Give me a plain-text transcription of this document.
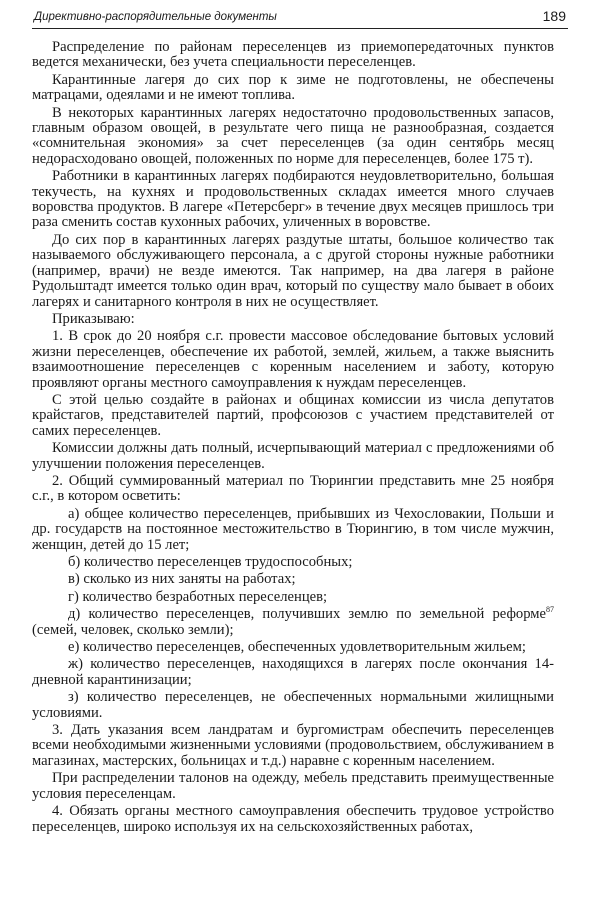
Директивно-распорядительные документы	189

Распределение по районам переселенцев из приемопередаточных пунктов ведется механически, без учета специальности переселенцев.

Карантинные лагеря до сих пор к зиме не подготовлены, не обеспечены матрацами, одеялами и не имеют топлива.

В некоторых карантинных лагерях недостаточно продовольственных запасов, главным образом овощей, в результате чего пища не разнообразная, создается «сомнительная экономия» за счет переселенцев (за один сентябрь месяц недорасходовано овощей, положенных по норме для переселенцев, более 175 т).

Работники в карантинных лагерях подбираются неудовлетворительно, большая текучесть, на кухнях и продовольственных складах имеется много случаев воровства продуктов. В лагере «Петерсберг» в течение двух месяцев пришлось три раза сменить состав кухонных рабочих, уличенных в воровстве.

До сих пор в карантинных лагерях раздутые штаты, большое количество так называемого обслуживающего персонала, а с другой стороны нужные работники (например, врачи) не везде имеются. Так например, на два лагеря в районе Рудольштадт имеется только один врач, который по существу мало бывает в обоих лагерях и санитарного контроля в них не осуществляет.

Приказываю:

1. В срок до 20 ноября с.г. провести массовое обследование бытовых условий жизни переселенцев, обеспечение их работой, землей, жильем, а также выяснить взаимоотношение переселенцев с коренным населением и заботу, которую проявляют органы местного самоуправления к нуждам переселенцев.

С этой целью создайте в районах и общинах комиссии из числа депутатов крайстагов, представителей партий, профсоюзов с участием представителей от самих переселенцев.

Комиссии должны дать полный, исчерпывающий материал с предложениями об улучшении положения переселенцев.

2. Общий суммированный материал по Тюрингии представить мне 25 ноября с.г., в котором осветить:

а) общее количество переселенцев, прибывших из Чехословакии, Польши и др. государств на постоянное местожительство в Тюрингию, в том числе мужчин, женщин, детей до 15 лет;

б) количество переселенцев трудоспособных;

в) сколько из них заняты на работах;

г) количество безработных переселенцев;

д) количество переселенцев, получивших землю по земельной реформе$^{87}$ (семей, человек, сколько земли);

е) количество переселенцев, обеспеченных удовлетворительным жильем;

ж) количество переселенцев, находящихся в лагерях после окончания 14-дневной карантинизации;

з) количество переселенцев, не обеспеченных нормальными жилищными условиями.

3. Дать указания всем ландратам и бургомистрам обеспечить переселенцев всеми необходимыми жизненными условиями (продовольствием, обслуживанием в магазинах, мастерских, больницах и т.д.) наравне с коренным населением.

При распределении талонов на одежду, мебель представить преимущественные условия переселенцам.

4. Обязать органы местного самоуправления обеспечить трудовое устройство переселенцев, широко используя их на сельскохозяйственных работах,
